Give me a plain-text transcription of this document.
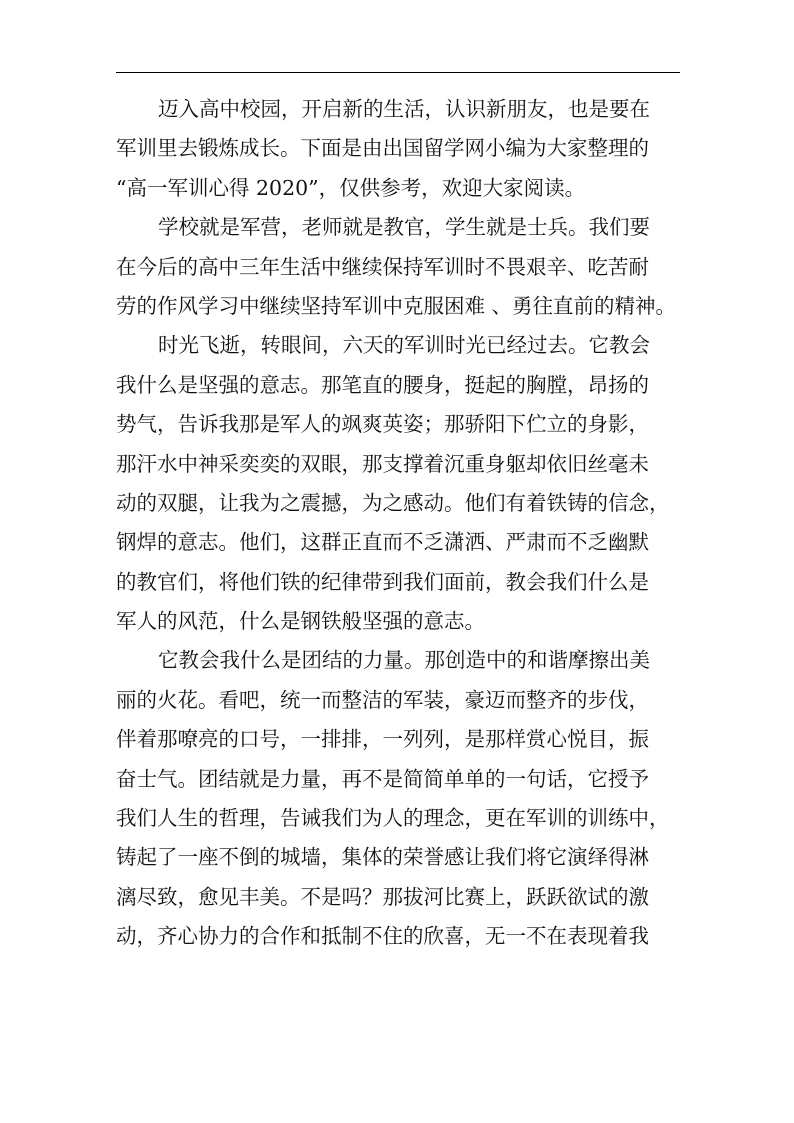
迈入高中校园，开启新的生活，认识新朋友，也是要在
军训里去锻炼成长。下面是由出国留学网小编为大家整理的
“高一军训心得 2020”，仅供参考，欢迎大家阅读。
学校就是军营，老师就是教官，学生就是士兵。我们要
在今后的高中三年生活中继续保持军训时不畏艰辛、吃苦耐
劳的作风学习中继续坚持军训中克服困难 、勇往直前的精神。
时光飞逝，转眼间，六天的军训时光已经过去。它教会
我什么是坚强的意志。那笔直的腰身，挺起的胸膛，昂扬的
势气，告诉我那是军人的飒爽英姿；那骄阳下伫立的身影，
那汗水中神采奕奕的双眼，那支撑着沉重身躯却依旧丝毫未
动的双腿，让我为之震撼，为之感动。他们有着铁铸的信念，
钢焊的意志。他们，这群正直而不乏潇洒、严肃而不乏幽默
的教官们，将他们铁的纪律带到我们面前，教会我们什么是
军人的风范，什么是钢铁般坚强的意志。
它教会我什么是团结的力量。那创造中的和谐摩擦出美
丽的火花。看吧，统一而整洁的军装，豪迈而整齐的步伐，
伴着那嘹亮的口号，一排排，一列列，是那样赏心悦目，振
奋士气。团结就是力量，再不是简简单单的一句话，它授予
我们人生的哲理，告诫我们为人的理念，更在军训的训练中，
铸起了一座不倒的城墙，集体的荣誉感让我们将它演绎得淋
漓尽致，愈见丰美。不是吗？那拔河比赛上，跃跃欲试的激
动，齐心协力的合作和抵制不住的欣喜，无一不在表现着我
